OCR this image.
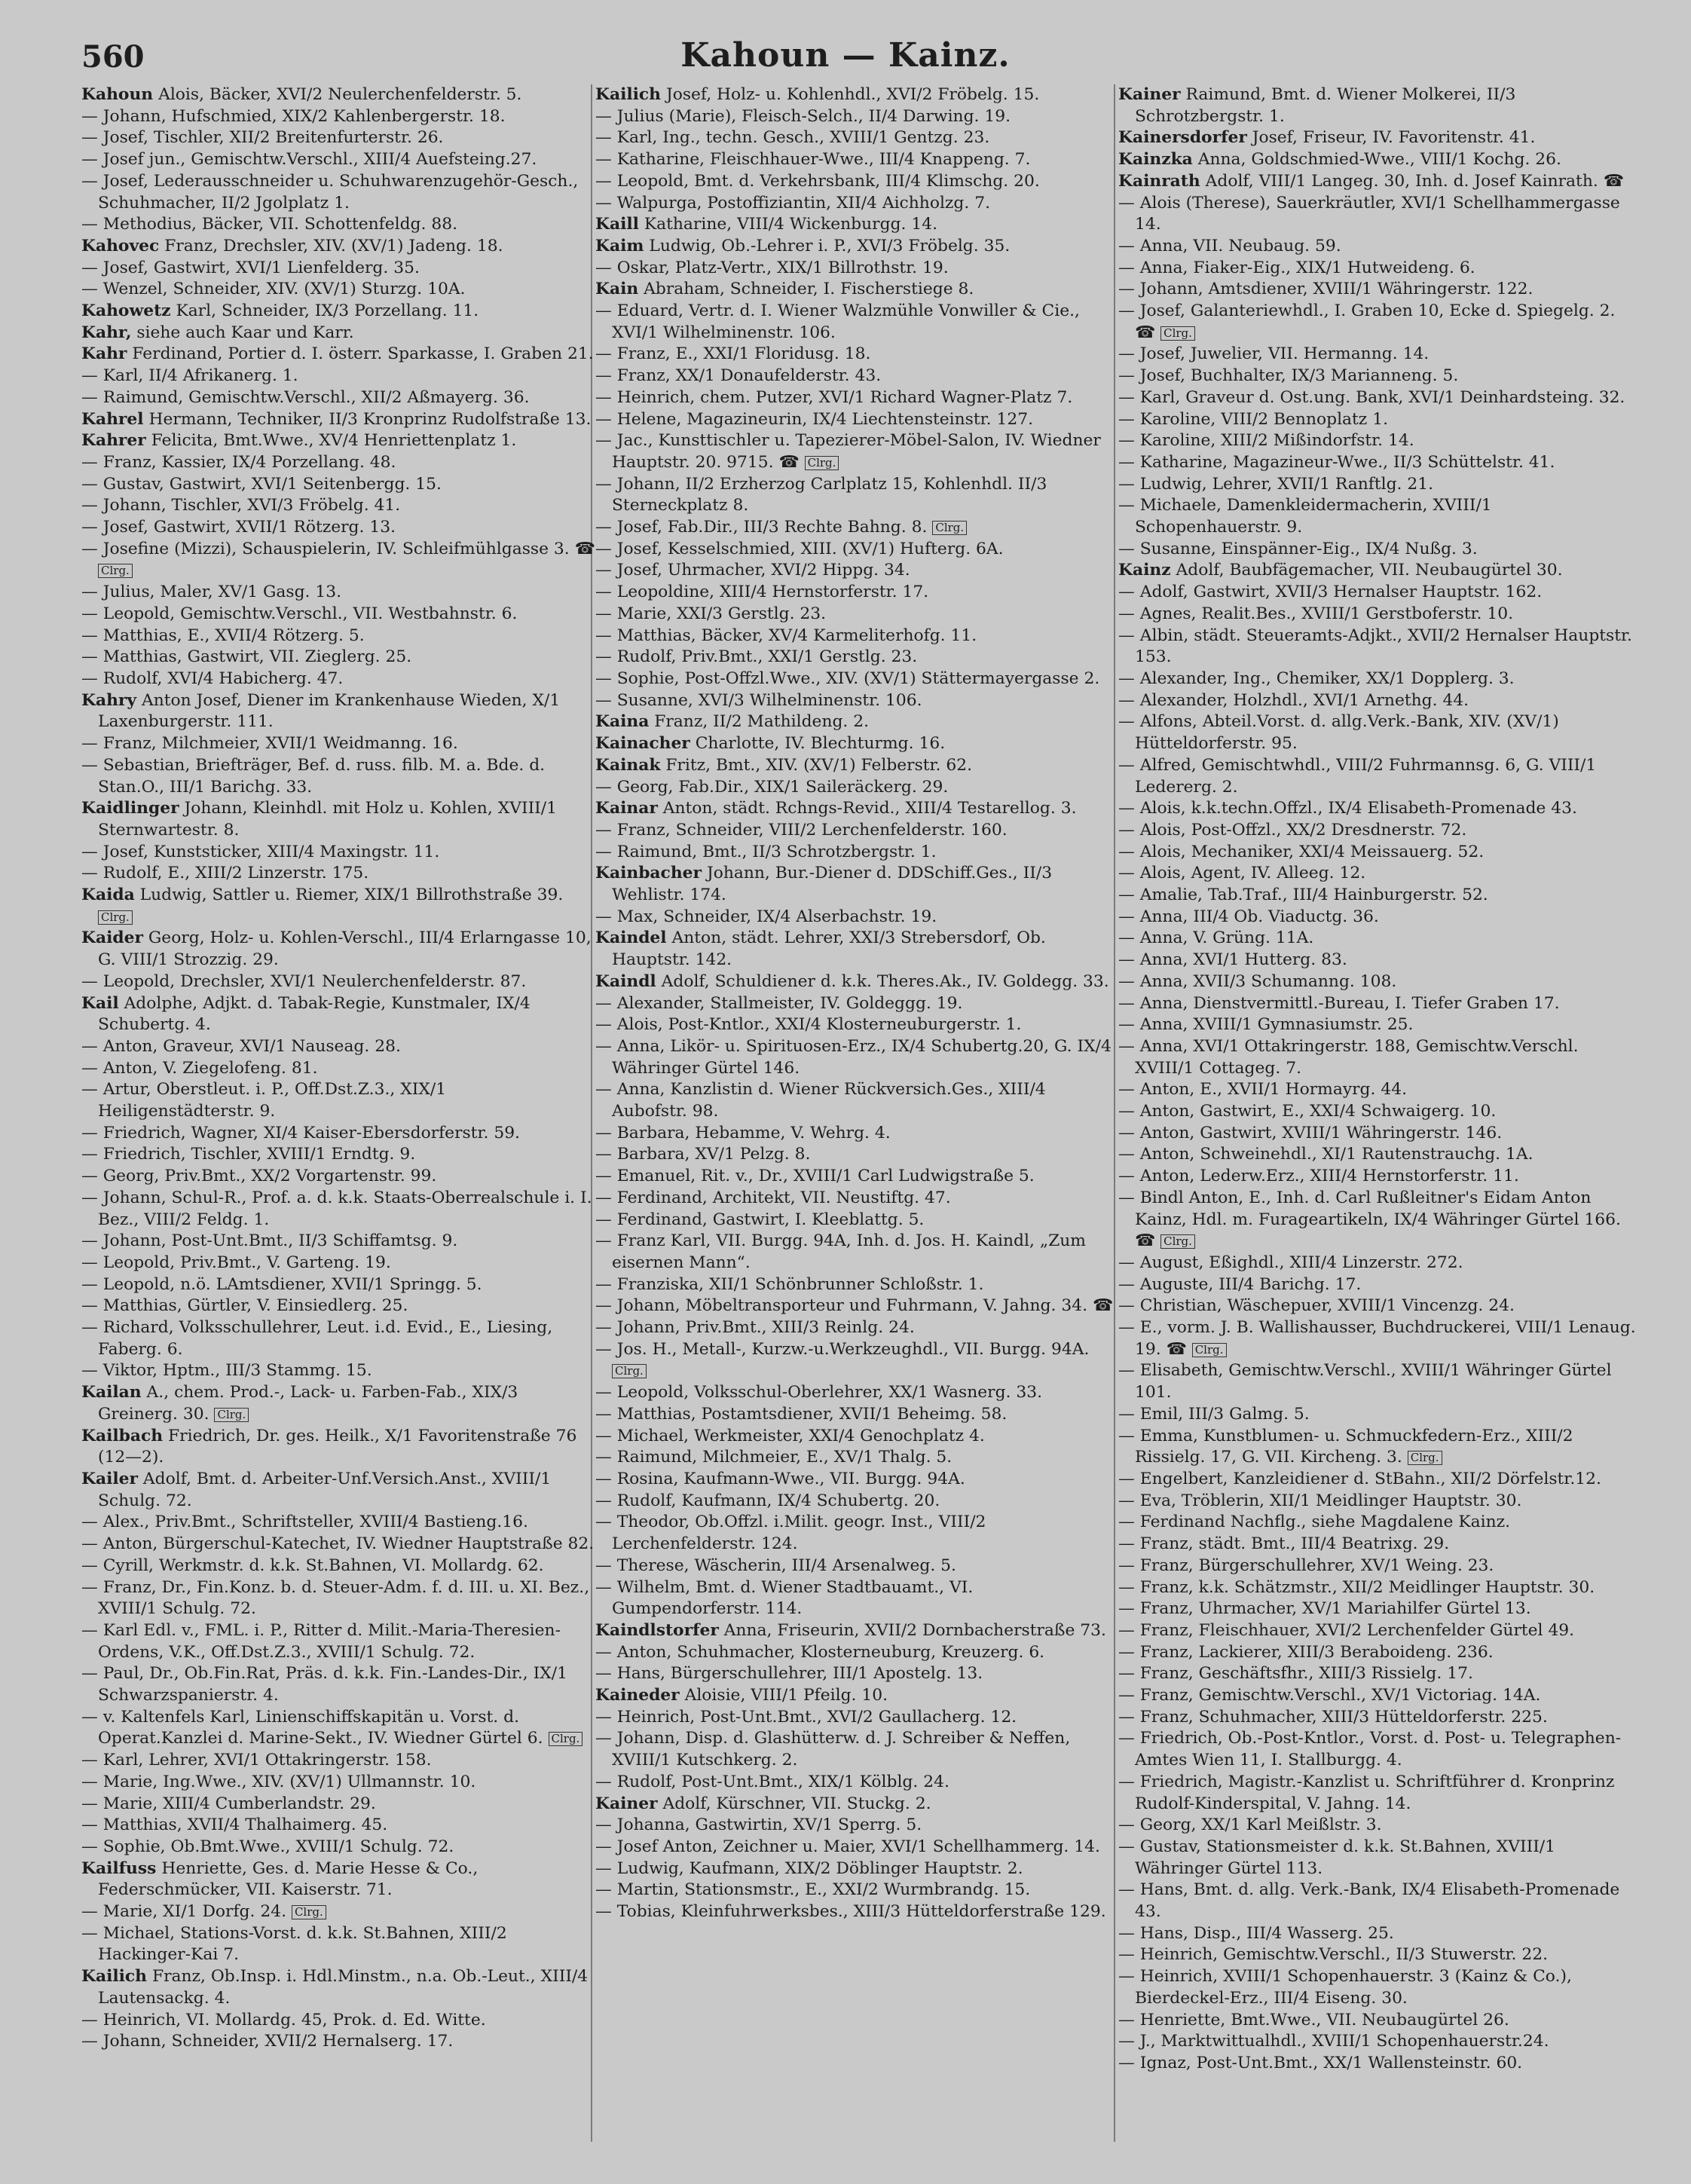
560	Kahoun — Kainz.

Kahoun Alois, Bäcker, XVI/2 Neulerchenfelderstr. 5.

— Johann, Hufschmied, XIX/2 Kahlenbergerstr. 18.

— Josef, Tischler, XII/2 Breitenfurterstr. 26.

— Josef jun., Gemischtw.Verschl., XIII/4 Auefsteing.27.

— Josef, Lederausschneider u. Schuhwarenzugehör-Gesch., Schuhmacher, II/2 Jgolplatz 1.

— Methodius, Bäcker, VII. Schottenfeldg. 88.

Kahovec Franz, Drechsler, XIV. (XV/1) Jadeng. 18.

— Josef, Gastwirt, XVI/1 Lienfelderg. 35.

— Wenzel, Schneider, XIV. (XV/1) Sturzg. 10A.

Kahowetz Karl, Schneider, IX/3 Porzellang. 11.

Kahr, siehe auch Kaar und Karr.

Kahr Ferdinand, Portier d. I. österr. Sparkasse, I. Graben 21.

— Karl, II/4 Afrikanerg. 1.

— Raimund, Gemischtw.Verschl., XII/2 Aßmayerg. 36.

Kahrel Hermann, Techniker, II/3 Kronprinz Rudolfstraße 13.

Kahrer Felicita, Bmt.Wwe., XV/4 Henriettenplatz 1.

— Franz, Kassier, IX/4 Porzellang. 48.

— Gustav, Gastwirt, XVI/1 Seitenbergg. 15.

— Johann, Tischler, XVI/3 Fröbelg. 41.

— Josef, Gastwirt, XVII/1 Rötzerg. 13.

— Josefine (Mizzi), Schauspielerin, IV. Schleifmühlgasse 3. ☎ Clrg.

— Julius, Maler, XV/1 Gasg. 13.

— Leopold, Gemischtw.Verschl., VII. Westbahnstr. 6.

— Matthias, E., XVII/4 Rötzerg. 5.

— Matthias, Gastwirt, VII. Zieglerg. 25.

— Rudolf, XVI/4 Habicherg. 47.

Kahry Anton Josef, Diener im Krankenhause Wieden, X/1 Laxenburgerstr. 111.

— Franz, Milchmeier, XVII/1 Weidmanng. 16.

— Sebastian, Briefträger, Bef. d. russ. filb. M. a. Bde. d. Stan.O., III/1 Barichg. 33.

Kaidlinger Johann, Kleinhdl. mit Holz u. Kohlen, XVIII/1 Sternwartestr. 8.

— Josef, Kunststicker, XIII/4 Maxingstr. 11.

— Rudolf, E., XIII/2 Linzerstr. 175.

Kaida Ludwig, Sattler u. Riemer, XIX/1 Billrothstraße 39. Clrg.

Kaider Georg, Holz- u. Kohlen-Verschl., III/4 Erlarngasse 10, G. VIII/1 Strozzig. 29.

— Leopold, Drechsler, XVI/1 Neulerchenfelderstr. 87.

Kail Adolphe, Adjkt. d. Tabak-Regie, Kunstmaler, IX/4 Schubertg. 4.

— Anton, Graveur, XVI/1 Nauseag. 28.

— Anton, V. Ziegelofeng. 81.

— Artur, Oberstleut. i. P., Off.Dst.Z.3., XIX/1 Heiligenstädterstr. 9.

— Friedrich, Wagner, XI/4 Kaiser-Ebersdorferstr. 59.

— Friedrich, Tischler, XVIII/1 Erndtg. 9.

— Georg, Priv.Bmt., XX/2 Vorgartenstr. 99.

— Johann, Schul-R., Prof. a. d. k.k. Staats-Oberrealschule i. I. Bez., VIII/2 Feldg. 1.

— Johann, Post-Unt.Bmt., II/3 Schiffamtsg. 9.

— Leopold, Priv.Bmt., V. Garteng. 19.

— Leopold, n.ö. LAmtsdiener, XVII/1 Springg. 5.

— Matthias, Gürtler, V. Einsiedlerg. 25.

— Richard, Volksschullehrer, Leut. i.d. Evid., E., Liesing, Faberg. 6.

— Viktor, Hptm., III/3 Stammg. 15.

Kailan A., chem. Prod.-, Lack- u. Farben-Fab., XIX/3 Greinerg. 30. Clrg.

Kailbach Friedrich, Dr. ges. Heilk., X/1 Favoritenstraße 76 (12—2).

Kailer Adolf, Bmt. d. Arbeiter-Unf.Versich.Anst., XVIII/1 Schulg. 72.

— Alex., Priv.Bmt., Schriftsteller, XVIII/4 Bastieng.16.

— Anton, Bürgerschul-Katechet, IV. Wiedner Hauptstraße 82.

— Cyrill, Werkmstr. d. k.k. St.Bahnen, VI. Mollardg. 62.

— Franz, Dr., Fin.Konz. b. d. Steuer-Adm. f. d. III. u. XI. Bez., XVIII/1 Schulg. 72.

— Karl Edl. v., FML. i. P., Ritter d. Milit.-Maria-Theresien-Ordens, V.K., Off.Dst.Z.3., XVIII/1 Schulg. 72.

— Paul, Dr., Ob.Fin.Rat, Präs. d. k.k. Fin.-Landes-Dir., IX/1 Schwarzspanierstr. 4.

— v. Kaltenfels Karl, Linienschiffskapitän u. Vorst. d. Operat.Kanzlei d. Marine-Sekt., IV. Wiedner Gürtel 6. Clrg.

— Karl, Lehrer, XVI/1 Ottakringerstr. 158.

— Marie, Ing.Wwe., XIV. (XV/1) Ullmannstr. 10.

— Marie, XIII/4 Cumberlandstr. 29.

— Matthias, XVII/4 Thalhaimerg. 45.

— Sophie, Ob.Bmt.Wwe., XVIII/1 Schulg. 72.

Kailfuss Henriette, Ges. d. Marie Hesse & Co., Federschmücker, VII. Kaiserstr. 71.

— Marie, XI/1 Dorfg. 24. Clrg.

— Michael, Stations-Vorst. d. k.k. St.Bahnen, XIII/2 Hackinger-Kai 7.

Kailich Franz, Ob.Insp. i. Hdl.Minstm., n.a. Ob.-Leut., XIII/4 Lautensackg. 4.

— Heinrich, VI. Mollardg. 45, Prok. d. Ed. Witte.

— Johann, Schneider, XVII/2 Hernalserg. 17.

Kailich Josef, Holz- u. Kohlenhdl., XVI/2 Fröbelg. 15.

— Julius (Marie), Fleisch-Selch., II/4 Darwing. 19.

— Karl, Ing., techn. Gesch., XVIII/1 Gentzg. 23.

— Katharine, Fleischhauer-Wwe., III/4 Knappeng. 7.

— Leopold, Bmt. d. Verkehrsbank, III/4 Klimschg. 20.

— Walpurga, Postoffiziantin, XII/4 Aichholzg. 7.

Kaill Katharine, VIII/4 Wickenburgg. 14.

Kaim Ludwig, Ob.-Lehrer i. P., XVI/3 Fröbelg. 35.

— Oskar, Platz-Vertr., XIX/1 Billrothstr. 19.

Kain Abraham, Schneider, I. Fischerstiege 8.

— Eduard, Vertr. d. I. Wiener Walzmühle Vonwiller & Cie., XVI/1 Wilhelminenstr. 106.

— Franz, E., XXI/1 Floridusg. 18.

— Franz, XX/1 Donaufelderstr. 43.

— Heinrich, chem. Putzer, XVI/1 Richard Wagner-Platz 7.

— Helene, Magazineurin, IX/4 Liechtensteinstr. 127.

— Jac., Kunsttischler u. Tapezierer-Möbel-Salon, IV. Wiedner Hauptstr. 20. 9715. ☎ Clrg.

— Johann, II/2 Erzherzog Carlplatz 15, Kohlenhdl. II/3 Sterneckplatz 8.

— Josef, Fab.Dir., III/3 Rechte Bahng. 8. Clrg.

— Josef, Kesselschmied, XIII. (XV/1) Hufterg. 6A.

— Josef, Uhrmacher, XVI/2 Hippg. 34.

— Leopoldine, XIII/4 Hernstorferstr. 17.

— Marie, XXI/3 Gerstlg. 23.

— Matthias, Bäcker, XV/4 Karmeliterhofg. 11.

— Rudolf, Priv.Bmt., XXI/1 Gerstlg. 23.

— Sophie, Post-Offzl.Wwe., XIV. (XV/1) Stättermayergasse 2.

— Susanne, XVI/3 Wilhelminenstr. 106.

Kaina Franz, II/2 Mathildeng. 2.

Kainacher Charlotte, IV. Blechturmg. 16.

Kainak Fritz, Bmt., XIV. (XV/1) Felberstr. 62.

— Georg, Fab.Dir., XIX/1 Saileräckerg. 29.

Kainar Anton, städt. Rchngs-Revid., XIII/4 Testarellog. 3.

— Franz, Schneider, VIII/2 Lerchenfelderstr. 160.

— Raimund, Bmt., II/3 Schrotzbergstr. 1.

Kainbacher Johann, Bur.-Diener d. DDSchiff.Ges., II/3 Wehlistr. 174.

— Max, Schneider, IX/4 Alserbachstr. 19.

Kaindel Anton, städt. Lehrer, XXI/3 Strebersdorf, Ob. Hauptstr. 142.

Kaindl Adolf, Schuldiener d. k.k. Theres.Ak., IV. Goldegg. 33.

— Alexander, Stallmeister, IV. Goldeggg. 19.

— Alois, Post-Kntlor., XXI/4 Klosterneuburgerstr. 1.

— Anna, Likör- u. Spirituosen-Erz., IX/4 Schubertg.20, G. IX/4 Währinger Gürtel 146.

— Anna, Kanzlistin d. Wiener Rückversich.Ges., XIII/4 Aubofstr. 98.

— Barbara, Hebamme, V. Wehrg. 4.

— Barbara, XV/1 Pelzg. 8.

— Emanuel, Rit. v., Dr., XVIII/1 Carl Ludwigstraße 5.

— Ferdinand, Architekt, VII. Neustiftg. 47.

— Ferdinand, Gastwirt, I. Kleeblattg. 5.

— Franz Karl, VII. Burgg. 94A, Inh. d. Jos. H. Kaindl, „Zum eisernen Mann“.

— Franziska, XII/1 Schönbrunner Schloßstr. 1.

— Johann, Möbeltransporteur und Fuhrmann, V. Jahng. 34. ☎

— Johann, Priv.Bmt., XIII/3 Reinlg. 24.

— Jos. H., Metall-, Kurzw.-u.Werkzeughdl., VII. Burgg. 94A. Clrg.

— Leopold, Volksschul-Oberlehrer, XX/1 Wasnerg. 33.

— Matthias, Postamtsdiener, XVII/1 Beheimg. 58.

— Michael, Werkmeister, XXI/4 Genochplatz 4.

— Raimund, Milchmeier, E., XV/1 Thalg. 5.

— Rosina, Kaufmann-Wwe., VII. Burgg. 94A.

— Rudolf, Kaufmann, IX/4 Schubertg. 20.

— Theodor, Ob.Offzl. i.Milit. geogr. Inst., VIII/2 Lerchenfelderstr. 124.

— Therese, Wäscherin, III/4 Arsenalweg. 5.

— Wilhelm, Bmt. d. Wiener Stadtbauamt., VI. Gumpendorferstr. 114.

Kaindlstorfer Anna, Friseurin, XVII/2 Dornbacherstraße 73.

— Anton, Schuhmacher, Klosterneuburg, Kreuzerg. 6.

— Hans, Bürgerschullehrer, III/1 Apostelg. 13.

Kaineder Aloisie, VIII/1 Pfeilg. 10.

— Heinrich, Post-Unt.Bmt., XVI/2 Gaullacherg. 12.

— Johann, Disp. d. Glashütterw. d. J. Schreiber & Neffen, XVIII/1 Kutschkerg. 2.

— Rudolf, Post-Unt.Bmt., XIX/1 Kölblg. 24.

Kainer Adolf, Kürschner, VII. Stuckg. 2.

— Johanna, Gastwirtin, XV/1 Sperrg. 5.

— Josef Anton, Zeichner u. Maier, XVI/1 Schellhammerg. 14.

— Ludwig, Kaufmann, XIX/2 Döblinger Hauptstr. 2.

— Martin, Stationsmstr., E., XXI/2 Wurmbrandg. 15.

— Tobias, Kleinfuhrwerksbes., XIII/3 Hütteldorferstraße 129.

Kainer Raimund, Bmt. d. Wiener Molkerei, II/3 Schrotzbergstr. 1.

Kainersdorfer Josef, Friseur, IV. Favoritenstr. 41.

Kainzka Anna, Goldschmied-Wwe., VIII/1 Kochg. 26.

Kainrath Adolf, VIII/1 Langeg. 30, Inh. d. Josef Kainrath. ☎

— Alois (Therese), Sauerkräutler, XVI/1 Schellhammergasse 14.

— Anna, VII. Neubaug. 59.

— Anna, Fiaker-Eig., XIX/1 Hutweideng. 6.

— Johann, Amtsdiener, XVIII/1 Währingerstr. 122.

— Josef, Galanteriewhdl., I. Graben 10, Ecke d. Spiegelg. 2. ☎ Clrg.

— Josef, Juwelier, VII. Hermanng. 14.

— Josef, Buchhalter, IX/3 Marianneng. 5.

— Karl, Graveur d. Ost.ung. Bank, XVI/1 Deinhardsteing. 32.

— Karoline, VIII/2 Bennoplatz 1.

— Karoline, XIII/2 Mißindorfstr. 14.

— Katharine, Magazineur-Wwe., II/3 Schüttelstr. 41.

— Ludwig, Lehrer, XVII/1 Ranftlg. 21.

— Michaele, Damenkleidermacherin, XVIII/1 Schopenhauerstr. 9.

— Susanne, Einspänner-Eig., IX/4 Nußg. 3.

Kainz Adolf, Baubfägemacher, VII. Neubaugürtel 30.

— Adolf, Gastwirt, XVII/3 Hernalser Hauptstr. 162.

— Agnes, Realit.Bes., XVIII/1 Gerstboferstr. 10.

— Albin, städt. Steueramts-Adjkt., XVII/2 Hernalser Hauptstr. 153.

— Alexander, Ing., Chemiker, XX/1 Dopplerg. 3.

— Alexander, Holzhdl., XVI/1 Arnethg. 44.

— Alfons, Abteil.Vorst. d. allg.Verk.-Bank, XIV. (XV/1) Hütteldorferstr. 95.

— Alfred, Gemischtwhdl., VIII/2 Fuhrmannsg. 6, G. VIII/1 Ledererg. 2.

— Alois, k.k.techn.Offzl., IX/4 Elisabeth-Promenade 43.

— Alois, Post-Offzl., XX/2 Dresdnerstr. 72.

— Alois, Mechaniker, XXI/4 Meissauerg. 52.

— Alois, Agent, IV. Alleeg. 12.

— Amalie, Tab.Traf., III/4 Hainburgerstr. 52.

— Anna, III/4 Ob. Viaductg. 36.

— Anna, V. Grüng. 11A.

— Anna, XVI/1 Hutterg. 83.

— Anna, XVII/3 Schumanng. 108.

— Anna, Dienstvermittl.-Bureau, I. Tiefer Graben 17.

— Anna, XVIII/1 Gymnasiumstr. 25.

— Anna, XVI/1 Ottakringerstr. 188, Gemischtw.Verschl. XVIII/1 Cottageg. 7.

— Anton, E., XVII/1 Hormayrg. 44.

— Anton, Gastwirt, E., XXI/4 Schwaigerg. 10.

— Anton, Gastwirt, XVIII/1 Währingerstr. 146.

— Anton, Schweinehdl., XI/1 Rautenstrauchg. 1A.

— Anton, Lederw.Erz., XIII/4 Hernstorferstr. 11.

— Bindl Anton, E., Inh. d. Carl Rußleitner's Eidam Anton Kainz, Hdl. m. Furageartikeln, IX/4 Währinger Gürtel 166. ☎ Clrg.

— August, Eßighdl., XIII/4 Linzerstr. 272.

— Auguste, III/4 Barichg. 17.

— Christian, Wäschepuer, XVIII/1 Vincenzg. 24.

— E., vorm. J. B. Wallishausser, Buchdruckerei, VIII/1 Lenaug. 19. ☎ Clrg.

— Elisabeth, Gemischtw.Verschl., XVIII/1 Währinger Gürtel 101.

— Emil, III/3 Galmg. 5.

— Emma, Kunstblumen- u. Schmuckfedern-Erz., XIII/2 Rissielg. 17, G. VII. Kircheng. 3. Clrg.

— Engelbert, Kanzleidiener d. StBahn., XII/2 Dörfelstr.12.

— Eva, Tröblerin, XII/1 Meidlinger Hauptstr. 30.

— Ferdinand Nachflg., siehe Magdalene Kainz.

— Franz, städt. Bmt., III/4 Beatrixg. 29.

— Franz, Bürgerschullehrer, XV/1 Weing. 23.

— Franz, k.k. Schätzmstr., XII/2 Meidlinger Hauptstr. 30.

— Franz, Uhrmacher, XV/1 Mariahilfer Gürtel 13.

— Franz, Fleischhauer, XVI/2 Lerchenfelder Gürtel 49.

— Franz, Lackierer, XIII/3 Beraboideng. 236.

— Franz, Geschäftsfhr., XIII/3 Rissielg. 17.

— Franz, Gemischtw.Verschl., XV/1 Victoriag. 14A.

— Franz, Schuhmacher, XIII/3 Hütteldorferstr. 225.

— Friedrich, Ob.-Post-Kntlor., Vorst. d. Post- u. Telegraphen-Amtes Wien 11, I. Stallburgg. 4.

— Friedrich, Magistr.-Kanzlist u. Schriftführer d. Kronprinz Rudolf-Kinderspital, V. Jahng. 14.

— Georg, XX/1 Karl Meißlstr. 3.

— Gustav, Stationsmeister d. k.k. St.Bahnen, XVIII/1 Währinger Gürtel 113.

— Hans, Bmt. d. allg. Verk.-Bank, IX/4 Elisabeth-Promenade 43.

— Hans, Disp., III/4 Wasserg. 25.

— Heinrich, Gemischtw.Verschl., II/3 Stuwerstr. 22.

— Heinrich, XVIII/1 Schopenhauerstr. 3 (Kainz & Co.), Bierdeckel-Erz., III/4 Eiseng. 30.

— Henriette, Bmt.Wwe., VII. Neubaugürtel 26.

— J., Marktwittualhdl., XVIII/1 Schopenhauerstr.24.

— Ignaz, Post-Unt.Bmt., XX/1 Wallensteinstr. 60.
